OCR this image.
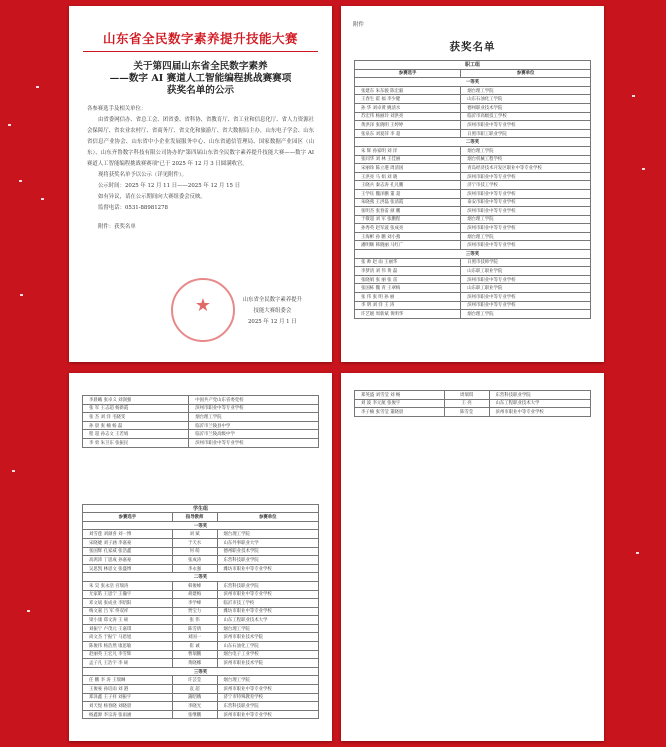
山东省全民数字素养提升技能大赛
关于第四届山东省全民数字素养
——数字 AI 赛道人工智能编程挑战赛赛项
获奖名单的公示

各参赛选手及相关单位：

由省委网信办、省总工会、团省委、省科协、省教育厅、省工业和信息化厅、省人力资源社会保障厅、省农业农村厅、省商务厅、省文化和旅游厅、省大数据局主办，山东电子学会、山东省信息产业协会、山东省中小企业发展服务中心、山东省通信管理局、国家数据产业园区（山东）、山东齐鲁数字科技有限公司协办的"第四届山东省全民数字素养提升技能大赛——数字 AI 赛道人工智能编程挑战赛赛项"已于 2025 年 12 月 3 日圆满收官。

现将获奖名单予以公示（详见附件）。

公示时间：2025 年 12 月 11 日——2025 年 12 月 15 日

如有异议，请在公示期间向大赛组委会反映。

监督电话：0531-88981278

附件：获奖名单
★	山东省全民数字素养提升
技能大赛组委会
2025 年 12 月 1 日
附件
获奖名单
职工组	
参赛选手	参赛单位
一等奖	
张建东 朱东骏 陈宏毅	烟台理工学院
王春生 霍 福 李少健	山东石油化工学院
孙 华 刘卓黄 姚清水	德州职业技术学院
苏宏伟 杨丽玲 刘洪亮	临沂市高级技工学校
黄洪泽 张晓明 王婷婷	滨州市职业中等专业学校
张泉东 刘爱萍 李 超	日照市职工职业学院
二等奖	
朱 辉 孙家明 刘 洋	烟台理工学院
张同华 刘 林 王佳丽	烟台机械工程学校
宋丽珍 陈立港 周清国	青岛经济技术开发区职业中等专业学校
王洪亮 马 娟 刘 晓	滨州市职业中等专业学校
王晓兵 秦志涛 孔凡鹏	济宁市技工学校
王学钰 魏泽鹏 董 超	滨州市职业中等专业学校
朱晓燕 王洪磊 张清霞	泰安市职业中等专业学校
张明杰 张春雷 颜 鹏	滨州市职业中等专业学校
于敬超 刘 军 张鹏程	烟台理工学院
孙秀英 赵军波 张成亮	滨州市职业中等专业学校
王海彬 孙 鹏 刘小燕	烟台理工学院
潘明顺 韩晓丽 马红广	滨州市职业中等专业学校
三等奖	
张 帅 赵 雨 王丽华	日照市技师学院
李梦清 刘 伟 黄 磊	山东职工职业学院
张晓娟 张 丽 张 雷	滨州市职业中等专业学校
张国栋 魏 青 王翠梅	山东职工职业学院
张 伟 张 明 孙 丽	滨州市职业中等专业学校
李 明 刘 洋 王 涛	滨州市职业中等专业学校
许艺媛 周新斌 黄明华	烟台理工学院
李晨曦 张卓义 刘润强	中国共产党山东省委党校
张 军 王志超 杨新霞	滨州市职业中等专业学校
张 杰 刘 洋 毛晓雯	烟台理工学院
孙 晨 张 楠 杨 磊	临沂市兰陵县中学
程 超 孙志文 王若娟	临沂市兰陵高级中学
李 勇 朱卫东 张振民	滨州市职业中等专业学校
学生组		
参赛选手	指导教师	参赛单位
一等奖		
刘雪莲 刘颜喜 刘一博	刘 斌	烟台理工学院
宋晓婕 刘子涵 李嘉豪	于天水	山东外事职业大学
张国辉 孔家威 张浩鑫	何 萌	德州职业技术学院
高鸿沛 丁思成 孙嘉豪	张成涛	东营科技职业学院
吴思凯 林思文 张盛博	李永强	潍坊市职业中等专业学校
二等奖		
朱 昊 张永浩 宫瑞涛	韩俊峰	东营科技职业学院
尤家皓 王思宁 王瀚宇	胡建梅	滨州市职业中等专业学校
邓文斌 张成业 李昭阳	李学峰	临沂市技工学校
梅文嘉 吕 军 佟双祥	贾宝力	潍坊市职业中等专业学校
梁小康 郑文涛 王 硕	张 伟	山东工程职业技术大学
刘振宁 卢茂元 王嘉琪	陈雪倩	烟台理工学院
尚文杰 于振宁 马恩旭	刘国一	滨州市职业技术学院
陈俊伟 杨浩然 康思敏	崔 诚	山东石油化工学院
赵丽英 王宏凡 李雪辉	曹瑞鹏	烟台电子工业学校
孟子凡 王浩宇 李 硕	黄晓娜	滨州市职业技术学院
三等奖		
任 鹏 李 涛 王瑞琳	许芸莹	烟台理工学院
王俊豪 孙培雨 刘 港	袁 超	滨州市职业中等专业学校
郑泽鑫 王子祥 刘振宇	蒲昭娥	济宁市特殊教育学校
刘天煜 杨春晓 刘晓晨	李晓光	东营科技职业学院
杨鑫源 李宗涛 张雨涵	张继鹏	滨州市职业中等专业学校
郑英盛 刘雪莹 刘 畅	周瑞琪	东营科技职业学院
刘 波 李元航 张俊宇	王 亮	山东工程职业技术大学
李子楠 张雪莹 董晓晨	陈雪莹	滨州市职业中等专业学校
